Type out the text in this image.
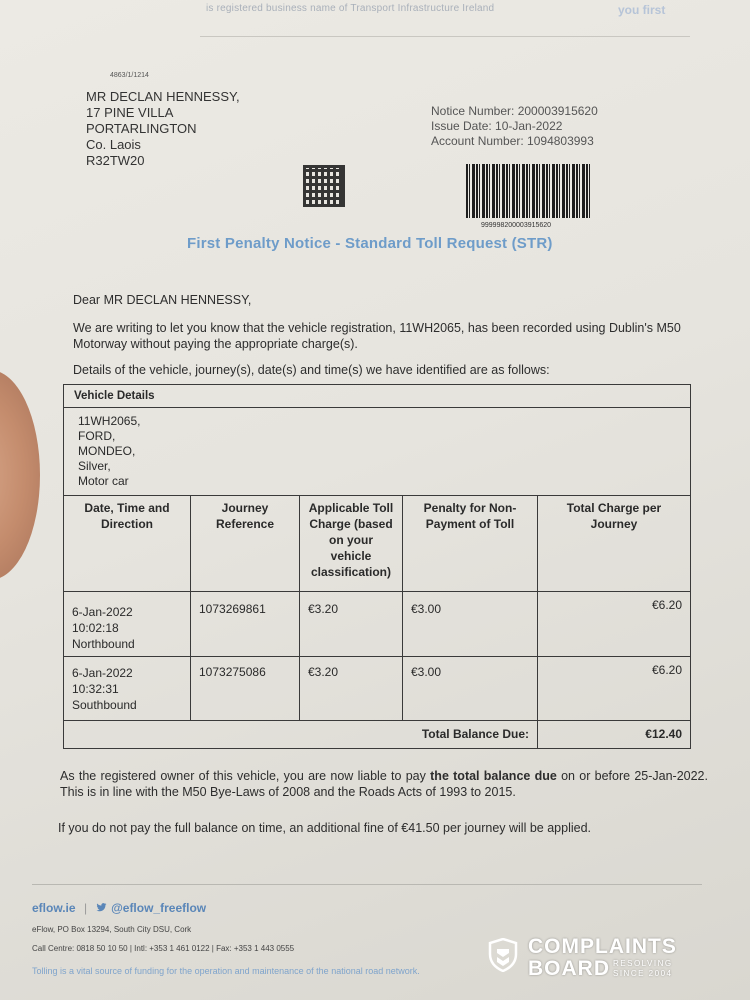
is registered business name of Transport Infrastructure Ireland	you first
4863/1/1214
MR DECLAN HENNESSY,
17 PINE VILLA
PORTARLINGTON
Co. Laois
R32TW20
Notice Number: 200003915620
Issue Date: 10-Jan-2022
Account Number: 1094803993
999998200003915620
First Penalty Notice - Standard Toll Request (STR)
Dear MR DECLAN HENNESSY,
We are writing to let you know that the vehicle registration, 11WH2065, has been recorded using Dublin's M50 Motorway without paying the appropriate charge(s).
Details of the vehicle, journey(s), date(s) and time(s) we have identified are as follows:
Vehicle Details				

11WH2065,
FORD,
MONDEO,
Silver,
Motor car				

Date, Time and Direction	Journey Reference	Applicable Toll Charge (based on your vehicle classification)	Penalty for Non-Payment of Toll	Total Charge per Journey

6-Jan-2022
10:02:18
Northbound	1073269861	€3.20	€3.00	€6.20

6-Jan-2022
10:32:31
Southbound	1073275086	€3.20	€3.00	€6.20
Total Balance Due:				€12.40
As the registered owner of this vehicle, you are now liable to pay the total balance due on or before 25-Jan-2022. This is in line with the M50 Bye-Laws of 2008 and the Roads Acts of 1993 to 2015.
If you do not pay the full balance on time, an additional fine of €41.50 per journey will be applied.
eflow.ie | @eflow_freeflow
eFlow, PO Box 13294, South City DSU, Cork
Call Centre: 0818 50 10 50 | Intl: +353 1 461 0122 | Fax: +353 1 443 0555
Tolling is a vital source of funding for the operation and maintenance of the national road network.
COMPLAINTS
BOARD RESOLVING
SINCE 2004
